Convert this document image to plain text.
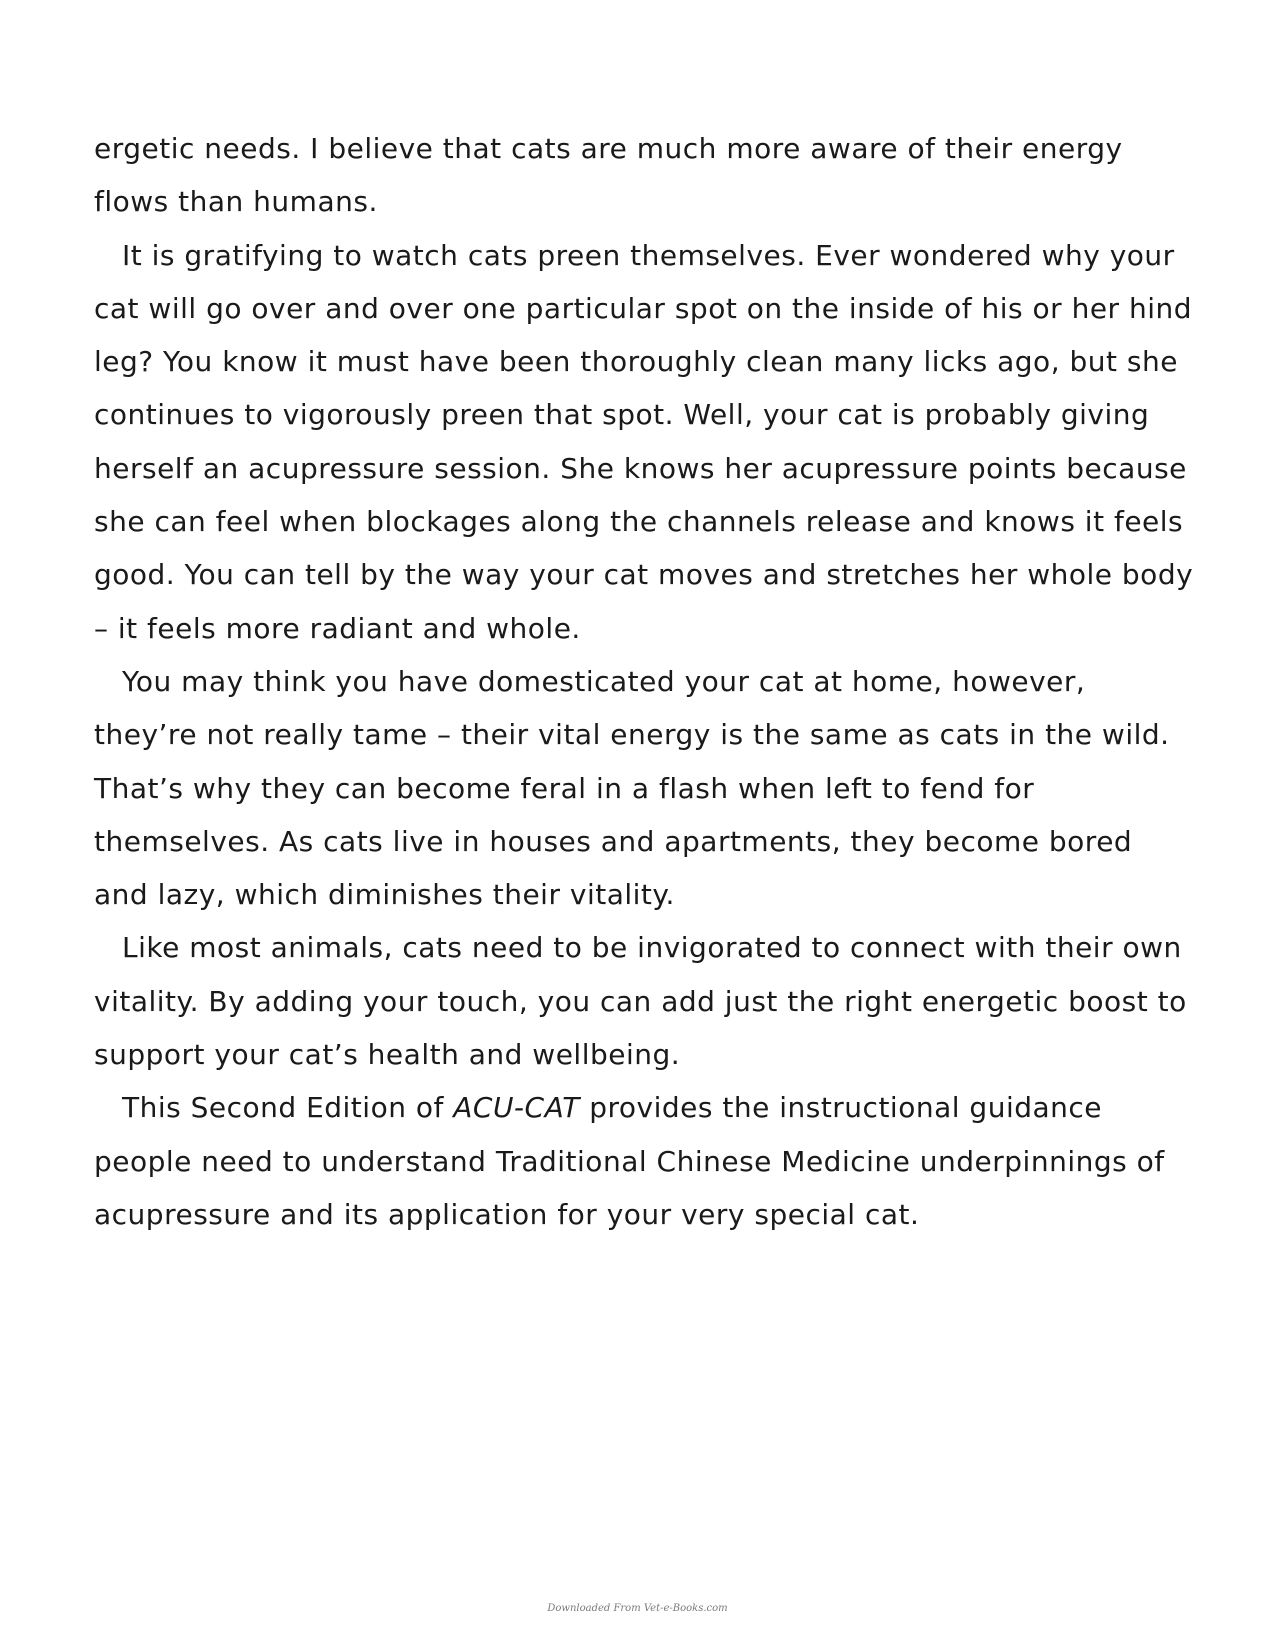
ergetic needs. I believe that cats are much more aware of their energy flows than humans.

It is gratifying to watch cats preen themselves. Ever wondered why your cat will go over and over one particular spot on the inside of his or her hind leg? You know it must have been thoroughly clean many licks ago, but she continues to vigorously preen that spot. Well, your cat is probably giving herself an acupressure session. She knows her acupressure points because she can feel when blockages along the channels release and knows it feels good. You can tell by the way your cat moves and stretches her whole body – it feels more radiant and whole.

You may think you have domesticated your cat at home, however, they’re not really tame – their vital energy is the same as cats in the wild. That’s why they can become feral in a flash when left to fend for themselves. As cats live in houses and apartments, they become bored and lazy, which diminishes their vitality.

Like most animals, cats need to be invigorated to connect with their own vitality. By adding your touch, you can add just the right energetic boost to support your cat’s health and wellbeing.

This Second Edition of ACU-CAT provides the instructional guidance people need to understand Traditional Chinese Medicine underpinnings of acupressure and its application for your very special cat.

Downloaded From Vet-e-Books.com
